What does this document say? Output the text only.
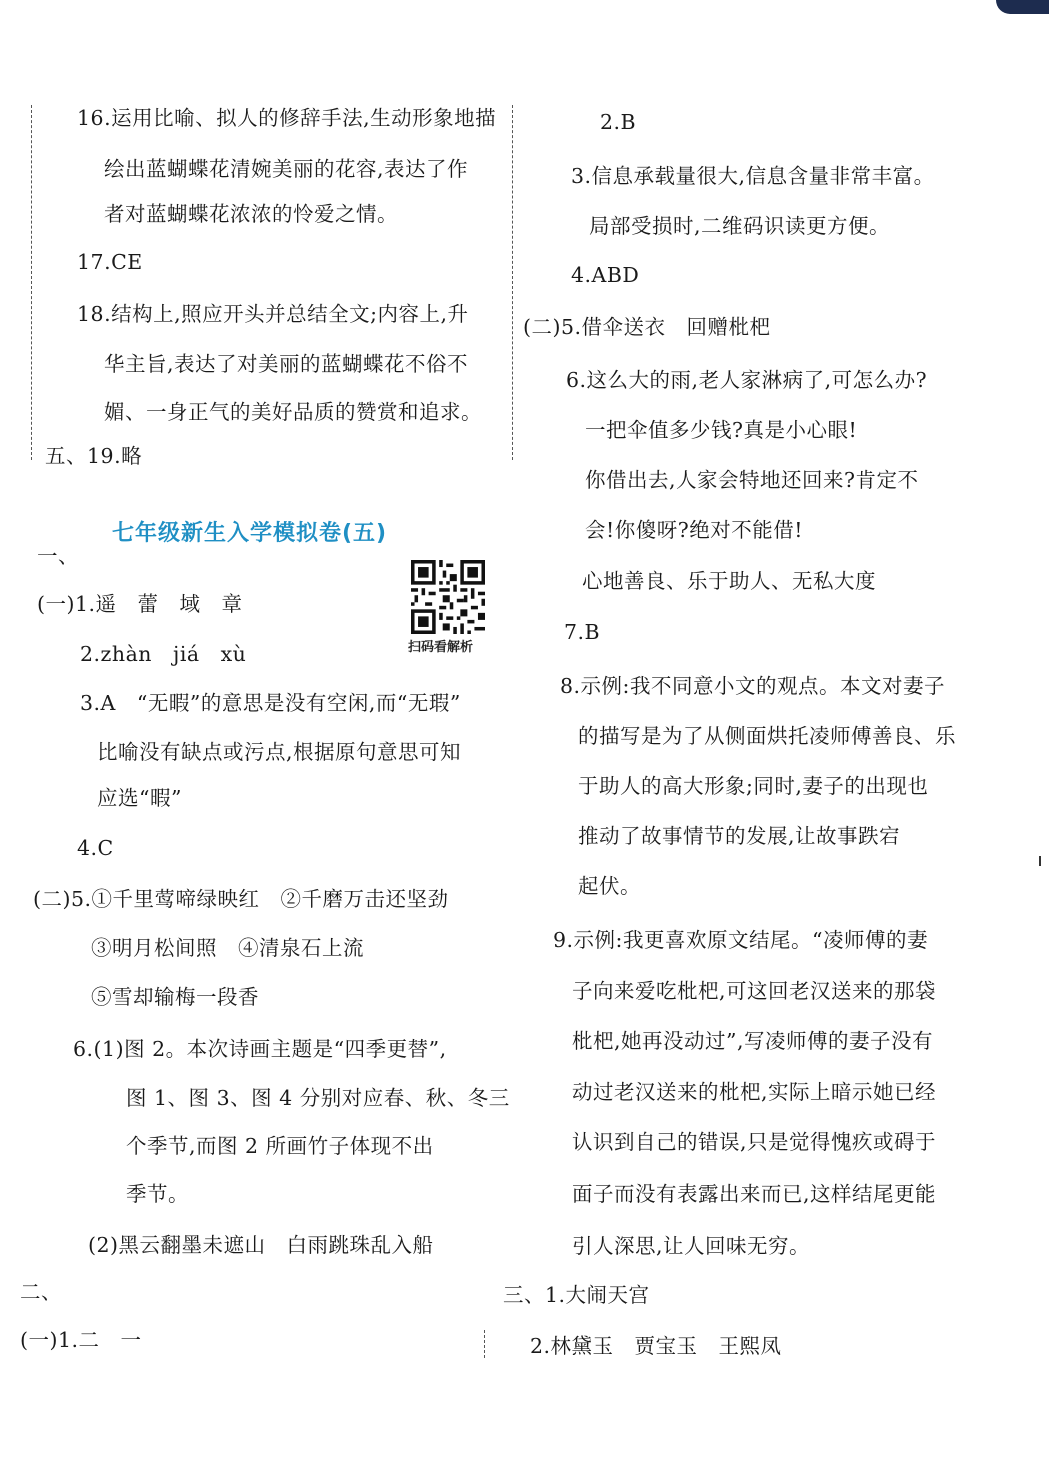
16.运用比喻、拟人的修辞手法,生动形象地描
绘出蓝蝴蝶花清婉美丽的花容,表达了作
者对蓝蝴蝶花浓浓的怜爱之情。
17.CE
18.结构上,照应开头并总结全文;内容上,升
华主旨,表达了对美丽的蓝蝴蝶花不俗不
媚、一身正气的美好品质的赞赏和追求。
五、19.略
七年级新生入学模拟卷(五)
一、
(一)1.遥　蕾　域　章
2.zhàn　jiá　xù
3.A　“无暇”的意思是没有空闲,而“无瑕”
比喻没有缺点或污点,根据原句意思可知
应选“暇”
4.C
(二)5.①千里莺啼绿映红　②千磨万击还坚劲
③明月松间照　④清泉石上流
⑤雪却输梅一段香
6.(1)图 2。本次诗画主题是“四季更替”,
图 1、图 3、图 4 分别对应春、秋、冬三
个季节,而图 2 所画竹子体现不出
季节。
(2)黑云翻墨未遮山　白雨跳珠乱入船
二、
(一)1.二　一
扫码看解析
2.B
3.信息承载量很大,信息含量非常丰富。
局部受损时,二维码识读更方便。
4.ABD
(二)5.借伞送衣　回赠枇杷
6.这么大的雨,老人家淋病了,可怎么办?
一把伞值多少钱?真是小心眼!
你借出去,人家会特地还回来?肯定不
会!你傻呀?绝对不能借!
心地善良、乐于助人、无私大度
7.B
8.示例:我不同意小文的观点。本文对妻子
的描写是为了从侧面烘托凌师傅善良、乐
于助人的高大形象;同时,妻子的出现也
推动了故事情节的发展,让故事跌宕
起伏。
9.示例:我更喜欢原文结尾。“凌师傅的妻
子向来爱吃枇杷,可这回老汉送来的那袋
枇杷,她再没动过”,写凌师傅的妻子没有
动过老汉送来的枇杷,实际上暗示她已经
认识到自己的错误,只是觉得愧疚或碍于
面子而没有表露出来而已,这样结尾更能
引人深思,让人回味无穷。
三、1.大闹天宫
2.林黛玉　贾宝玉　王熙凤
